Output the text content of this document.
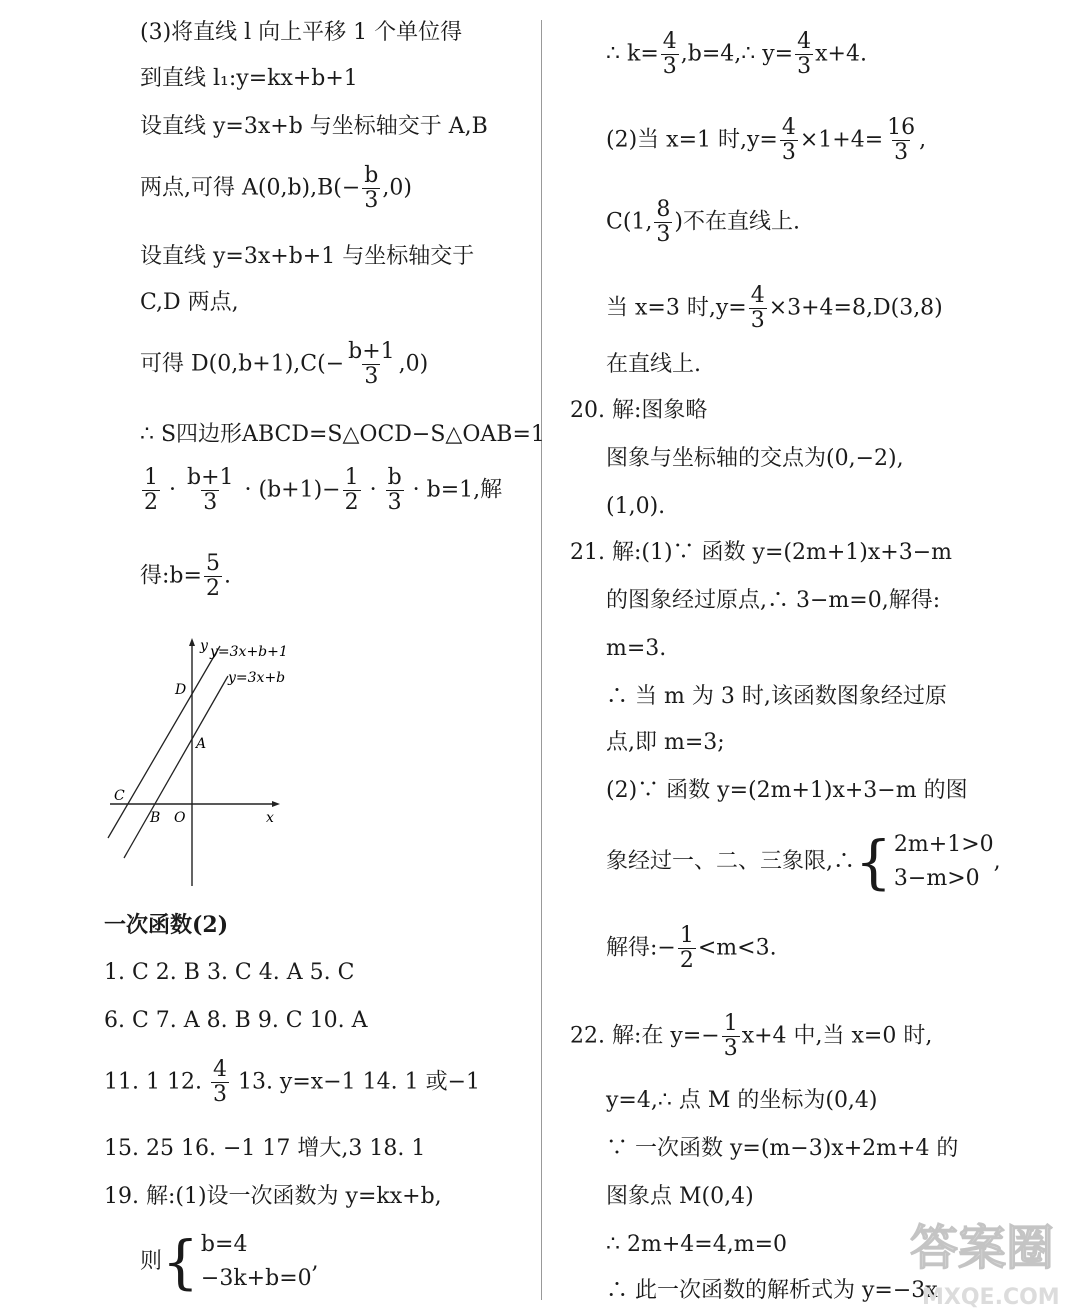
(3)将直线 l 向上平移 1 个单位得
到直线 l₁:y=kx+b+1
设直线 y=3x+b 与坐标轴交于 A,B
两点,可得 $A(0,b),B(- \frac{b}{3} ,0)$
设直线 y=3x+b+1 与坐标轴交于
C,D 两点,
可得 $D(0,b+1),C(- \frac{b+1}{3} ,0)$
∴ S四边形ABCD=S△OCD−S△OAB=1
$\frac{1}{2} \cdot \frac{b+1}{3} \cdot (b+1)- \frac{1}{2} \cdot \frac{b}{3} \cdot b=1$,解
得:b= $\frac{5}{2}$ .
y
x
y=3x+b+1
y=3x+b
D
A
C
B O
一次函数(2)
1. C 2. B 3. C 4. A 5. C
6. C 7. A 8. B 9. C 10. A
11. 1 12. $\frac{4}{3} 13$. y=x−1 14. 1 或−1
15. 25 16. −1 17 增大,3 18. 1
19. 解:(1)设一次函数为 y=kx+b,
则 { b=4
−3k+b=0
,
∴ $k= \frac{4}{3}$ ,b=4,∴ $y= \frac{4}{3} x+4$.
(2)当 x=1 时$,y= \frac{4}{3} \times 1+4= \frac{16}{3}$ ,
C(1, $\frac{8}{3}$ )不在直线上.
当 x=3 时$,y= \frac{4}{3} \times 3+4=8,D(3,8)$
在直线上.
20. 解:图象略
图象与坐标轴的交点为(0,−2),
(1,0).
21. 解:(1)∵ 函数 y=(2m+1)x+3−m
的图象经过原点,∴ 3−m=0,解得:
m=3.
∴ 当 m 为 3 时,该函数图象经过原
点,即 m=3;
(2)∵ 函数 y=(2m+1)x+3−m 的图
象经过一、二、三象限,∴ { 2m+1>0
3−m>0
,
解得:− $\frac{1}{2} <m<3$.
22. 解:在 $y=- \frac{1}{3} x+4$ 中,当 x=0 时,
y=4,∴ 点 M 的坐标为(0,4)
∵ 一次函数 y=(m−3)x+2m+4 的
图象点 M(0,4)
∴ 2m+4=4,m=0
∴ 此一次函数的解析式为 y=−3x
答案圈
MXQE.COM
